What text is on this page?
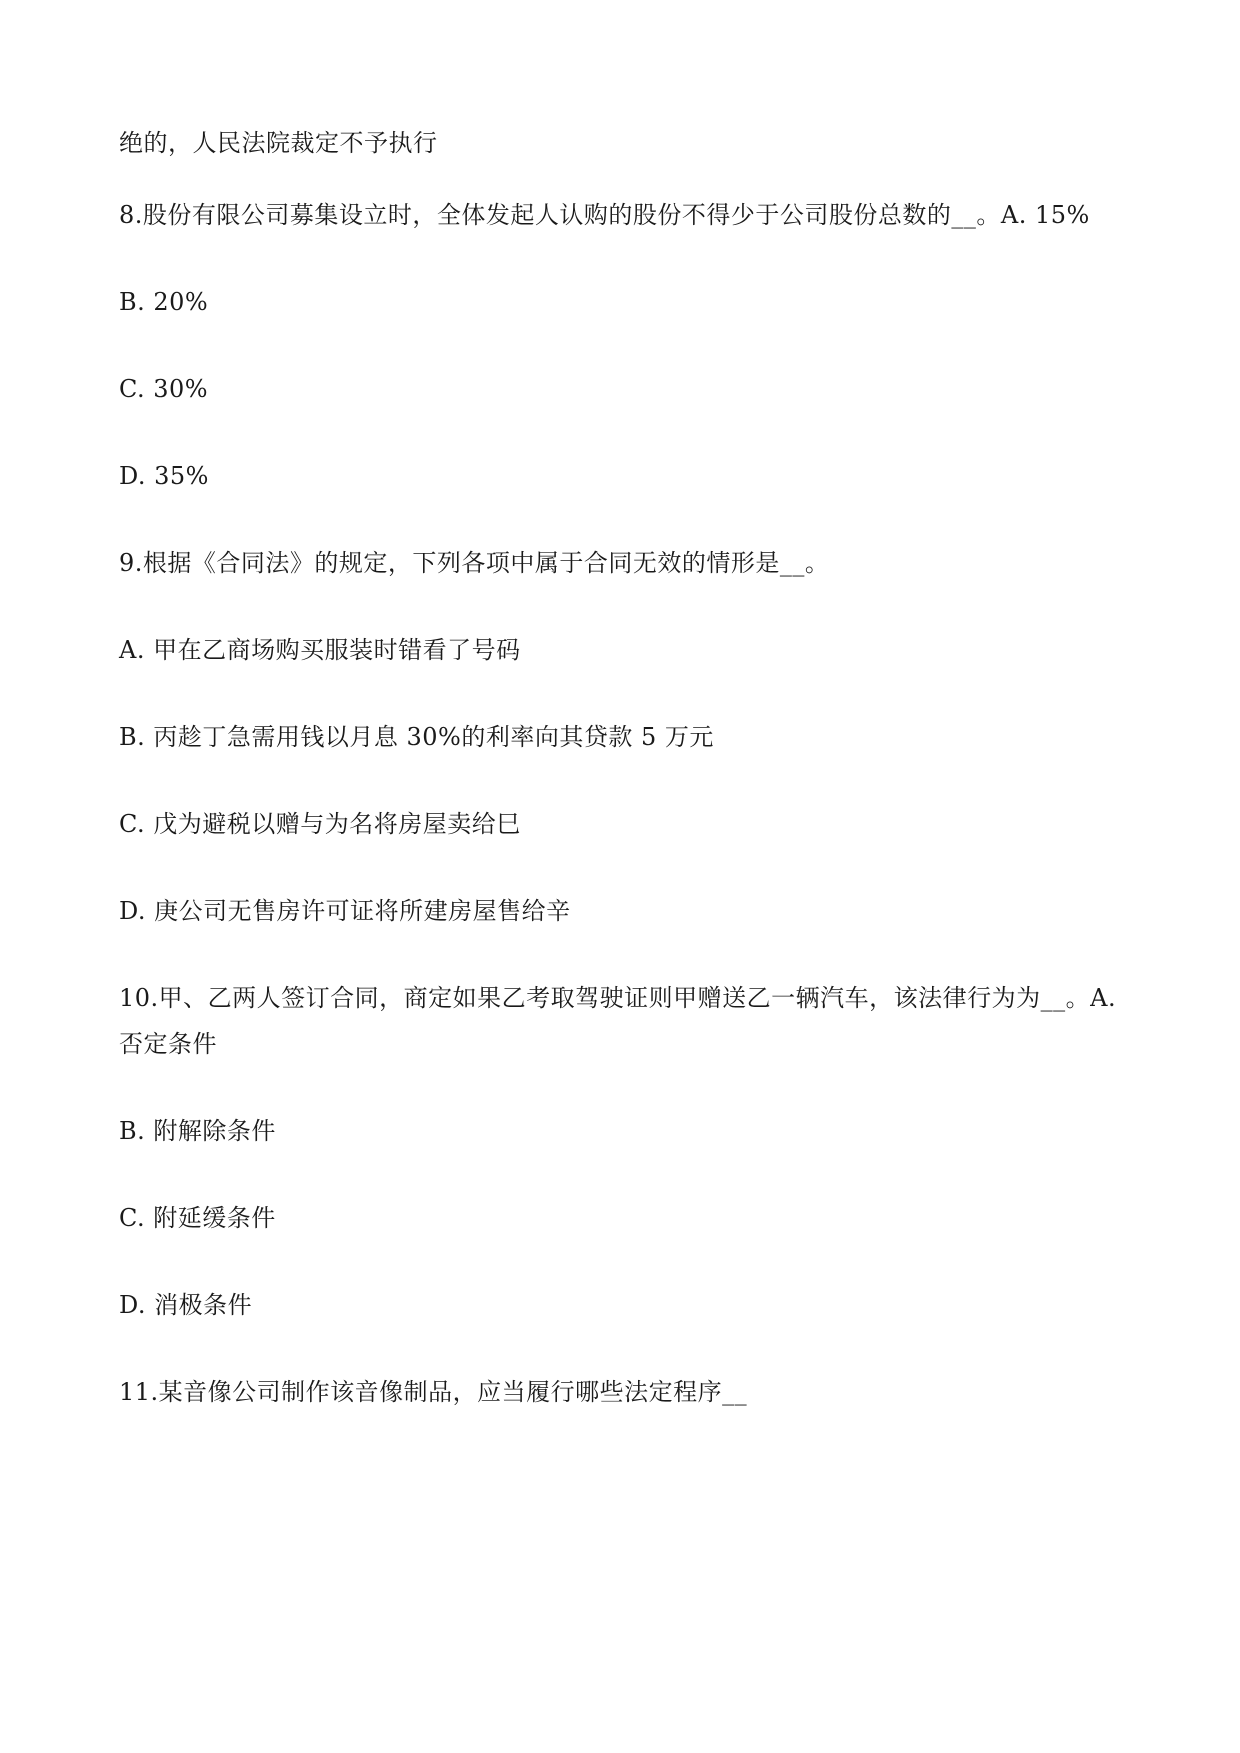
绝的，人民法院裁定不予执行
8.股份有限公司募集设立时，全体发起人认购的股份不得少于公司股份总数的__。A. 15%
B. 20%
C. 30%
D. 35%
9.根据《合同法》的规定，下列各项中属于合同无效的情形是__。
A. 甲在乙商场购买服装时错看了号码
B. 丙趁丁急需用钱以月息 30%的利率向其贷款 5 万元
C. 戊为避税以赠与为名将房屋卖给巳
D. 庚公司无售房许可证将所建房屋售给辛
10.甲、乙两人签订合同，商定如果乙考取驾驶证则甲赠送乙一辆汽车，该法律行为为__。A. 否定条件
B. 附解除条件
C. 附延缓条件
D. 消极条件
11.某音像公司制作该音像制品，应当履行哪些法定程序__
